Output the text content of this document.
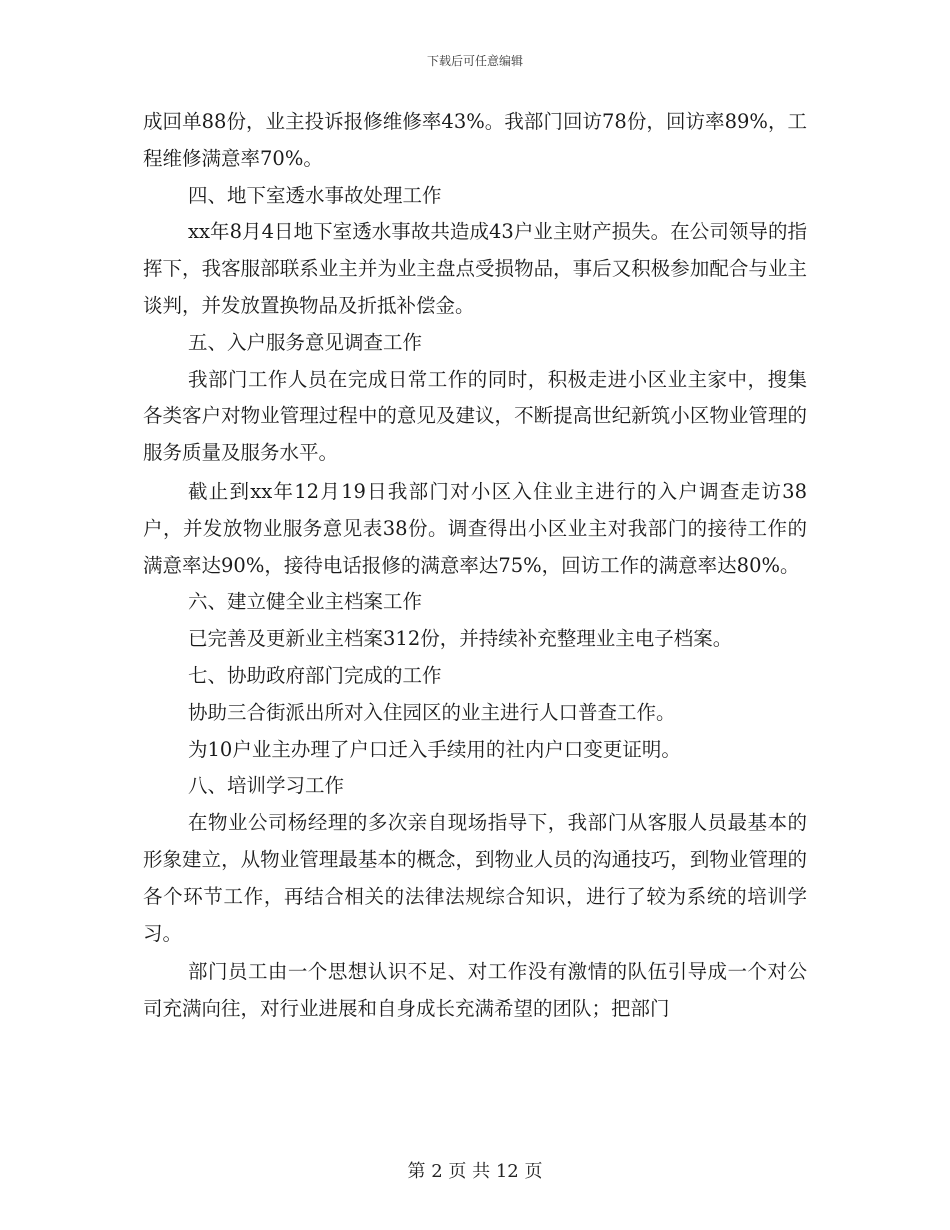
下载后可任意编辑

成回单88份，业主投诉报修维修率43%。我部门回访78份，回访率89%，工程维修满意率70%。

四、地下室透水事故处理工作

xx年8月4日地下室透水事故共造成43户业主财产损失。在公司领导的指挥下，我客服部联系业主并为业主盘点受损物品，事后又积极参加配合与业主谈判，并发放置换物品及折抵补偿金。

五、入户服务意见调查工作

我部门工作人员在完成日常工作的同时，积极走进小区业主家中，搜集各类客户对物业管理过程中的意见及建议，不断提高世纪新筑小区物业管理的服务质量及服务水平。

截止到xx年12月19日我部门对小区入住业主进行的入户调查走访38户，并发放物业服务意见表38份。调查得出小区业主对我部门的接待工作的满意率达90%，接待电话报修的满意率达75%，回访工作的满意率达80%。

六、建立健全业主档案工作

已完善及更新业主档案312份，并持续补充整理业主电子档案。

七、协助政府部门完成的工作

协助三合街派出所对入住园区的业主进行人口普查工作。

为10户业主办理了户口迁入手续用的社内户口变更证明。

八、培训学习工作

在物业公司杨经理的多次亲自现场指导下，我部门从客服人员最基本的形象建立，从物业管理最基本的概念，到物业人员的沟通技巧，到物业管理的各个环节工作，再结合相关的法律法规综合知识，进行了较为系统的培训学习。

部门员工由一个思想认识不足、对工作没有激情的队伍引导成一个对公司充满向往，对行业进展和自身成长充满希望的团队；把部门

第 2 页 共 12 页
